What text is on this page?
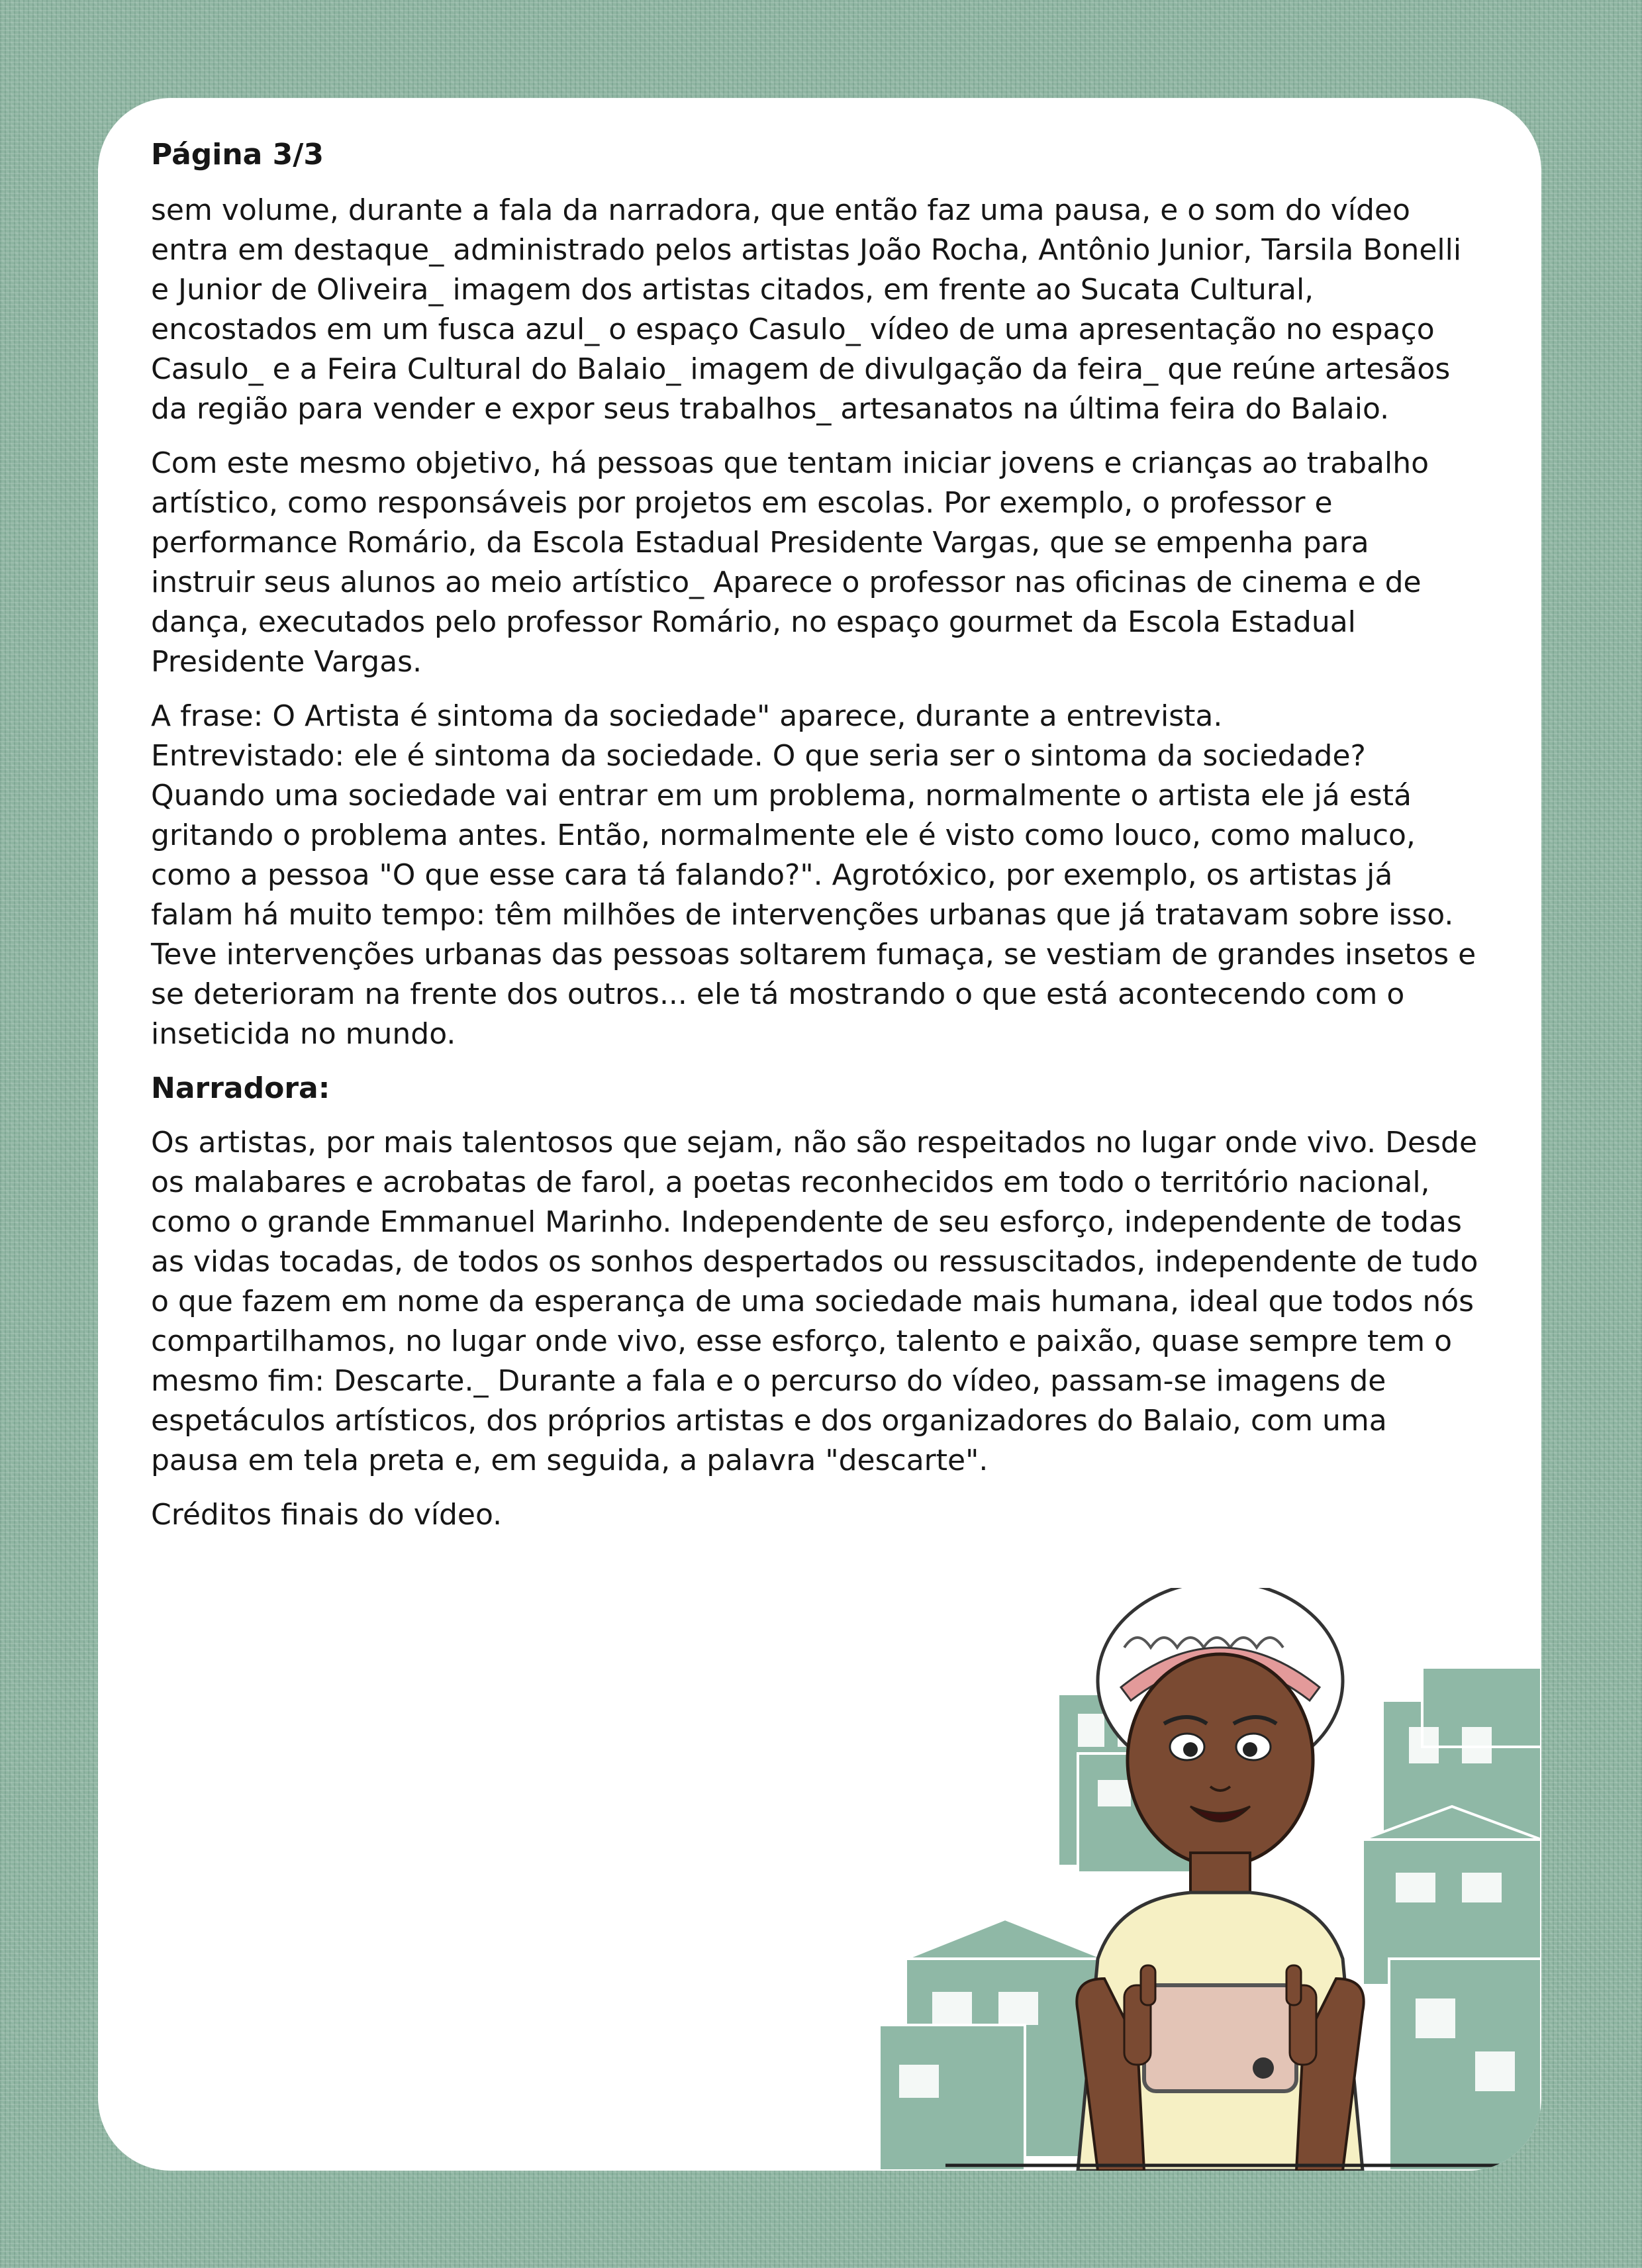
Página 3/3

sem volume, durante a fala da narradora, que então faz uma pausa, e o som do vídeo entra em destaque_ administrado pelos artistas João Rocha, Antônio Junior, Tarsila Bonelli e Junior de Oliveira_ imagem dos artistas citados, em frente ao Sucata Cultural, encostados em um fusca azul_ o espaço Casulo_ vídeo de uma apresentação no espaço Casulo_ e a Feira Cultural do Balaio_ imagem de divulgação da feira_ que reúne artesãos da região para vender e expor seus trabalhos_ artesanatos na última feira do Balaio.

Com este mesmo objetivo, há pessoas que tentam iniciar jovens e crianças ao trabalho artístico, como responsáveis por projetos em escolas. Por exemplo, o professor e performance Romário, da Escola Estadual Presidente Vargas, que se empenha para instruir seus alunos ao meio artístico_ Aparece o professor nas oficinas de cinema e de dança, executados pelo professor Romário, no espaço gourmet da Escola Estadual Presidente Vargas.

A frase: O Artista é sintoma da sociedade" aparece, durante a entrevista.
Entrevistado: ele é sintoma da sociedade. O que seria ser o sintoma da sociedade? Quando uma sociedade vai entrar em um problema, normalmente o artista ele já está gritando o problema antes. Então, normalmente ele é visto como louco, como maluco, como a pessoa "O que esse cara tá falando?". Agrotóxico, por exemplo, os artistas já falam há muito tempo: têm milhões de intervenções urbanas que já tratavam sobre isso. Teve intervenções urbanas das pessoas soltarem fumaça, se vestiam de grandes insetos e se deterioram na frente dos outros... ele tá mostrando o que está acontecendo com o inseticida no mundo.

Narradora:

Os artistas, por mais talentosos que sejam, não são respeitados no lugar onde vivo. Desde os malabares e acrobatas de farol, a poetas reconhecidos em todo o território nacional, como o grande Emmanuel Marinho. Independente de seu esforço, independente de todas as vidas tocadas, de todos os sonhos despertados ou ressuscitados, independente de tudo o que fazem em nome da esperança de uma sociedade mais humana, ideal que todos nós compartilhamos, no lugar onde vivo, esse esforço, talento e paixão, quase sempre tem o mesmo fim: Descarte._ Durante a fala e o percurso do vídeo, passam-se imagens de espetáculos artísticos, dos próprios artistas e dos organizadores do Balaio, com uma pausa em tela preta e, em seguida, a palavra "descarte".

Créditos finais do vídeo.
